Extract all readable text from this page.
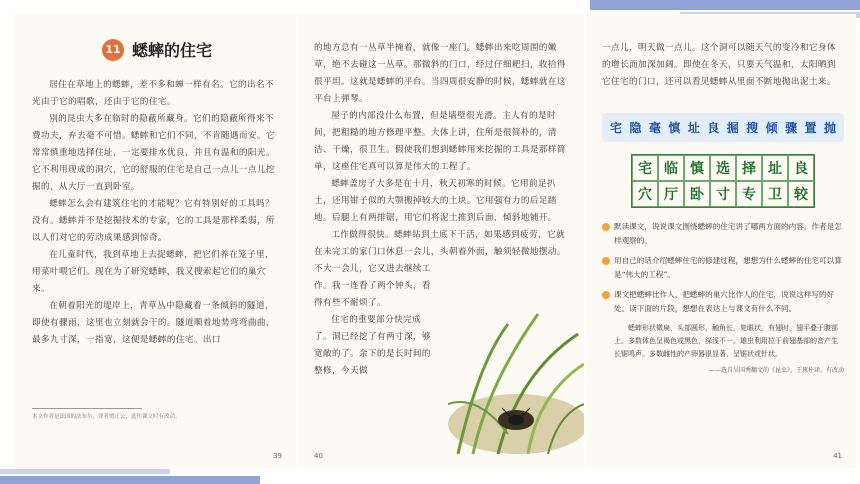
11 蟋蟀的住宅

居住在草地上的蟋蟀，差不多和蝉一样有名。它的出名不光由于它的唱歌，还由于它的住宅。

别的昆虫大多在临时的隐蔽所藏身。它们的隐蔽所得来不费功夫，弃去毫不可惜。蟋蟀和它们不同，不肯随遇而安。它常常慎重地选择住址，一定要排水优良，并且有温和的阳光。它不利用现成的洞穴，它的舒服的住宅是自己一点儿一点儿挖掘的，从大厅一直到卧室。

蟋蟀怎么会有建筑住宅的才能呢？它有特别好的工具吗？没有。蟋蟀并不是挖掘技术的专家，它的工具是那样柔弱，所以人们对它的劳动成果感到惊奇。

在儿童时代，我到草地上去捉蟋蟀，把它们养在笼子里，用菜叶喂它们。现在为了研究蟋蟀，我又搜索起它们的巢穴来。

在朝着阳光的堤岸上，青草丛中隐藏着一条倾斜的隧道，即使有骤雨，这里也立刻就会干的。隧道顺着地势弯弯曲曲，最多九寸深，一指宽，这便是蟋蟀的住宅。出口

本文作者是法国的法布尔，译者贾正公，选作课文时有改动。
39

的地方总有一丛草半掩着，就像一座门。蟋蟀出来吃周围的嫩草，绝不去碰这一丛草。那微斜的门口，经过仔细耙扫，收拾得很平坦。这就是蟋蟀的平台。当四周很安静的时候，蟋蟀就在这平台上弹琴。

屋子的内部没什么布置，但是墙壁很光滑。主人有的是时间，把粗糙的地方修理平整。大体上讲，住所是很简朴的，清洁、干燥，很卫生。假使我们想到蟋蟀用来挖掘的工具是那样简单，这座住宅真可以算是伟大的工程了。

蟋蟀盖房子大多是在十月，秋天初寒的时候。它用前足扒土，还用钳子似的大颚搬掉较大的土块。它用强有力的后足踏地。后腿上有两排锯，用它们将泥土推到后面，倾斜地铺开。

工作做得很快。蟋蟀钻到土底下干活，如果感到疲劳，它就在未完工的家门口休息一会儿，头朝着外面，触须轻微地摆动。

不大一会儿，它又进去继续工作。我一连看了两个钟头，看得有些不耐烦了。

住宅的重要部分快完成了。洞已经挖了有两寸深，够宽敞的了。余下的是长时间的整修，今天做

40

一点儿，明天做一点儿。这个洞可以随天气的变冷和它身体的增长而加深加阔。即使在冬天，只要天气温和，太阳晒到它住宅的门口，还可以看见蟋蟀从里面不断地抛出泥土来。

宅 隐 毫 慎 址 良 掘 搜 倾 骤 置 抛
宅 临 慎 选 择 址 良
穴 厅 卧 寸 专 卫 较
默读课文，说说课文围绕蟋蟀的住宅讲了哪两方面的内容，作者是怎样观察的。
用自己的话介绍蟋蟀住宅的修建过程，想想为什么蟋蟀的住宅可以算是“伟大的工程”。
课文把蟋蟀比作人，把蟋蟀的巢穴比作人的住宅，说说这样写的好处。读下面的片段，想想在表达上与课文有什么不同。

蟋蟀形状微扁，头部圆形，触角长，复眼状。有翅时，翅平叠于腹部上。多数体色呈褐色或黑色，深浅不一。雄虫利用拉于前翅基部的音产生长锯鸣声。多数雌性的产卵器很显著，呈锯状或针状。

——选自吴国秀翻文的《昆虫》，王琢朴译，有改动
41
